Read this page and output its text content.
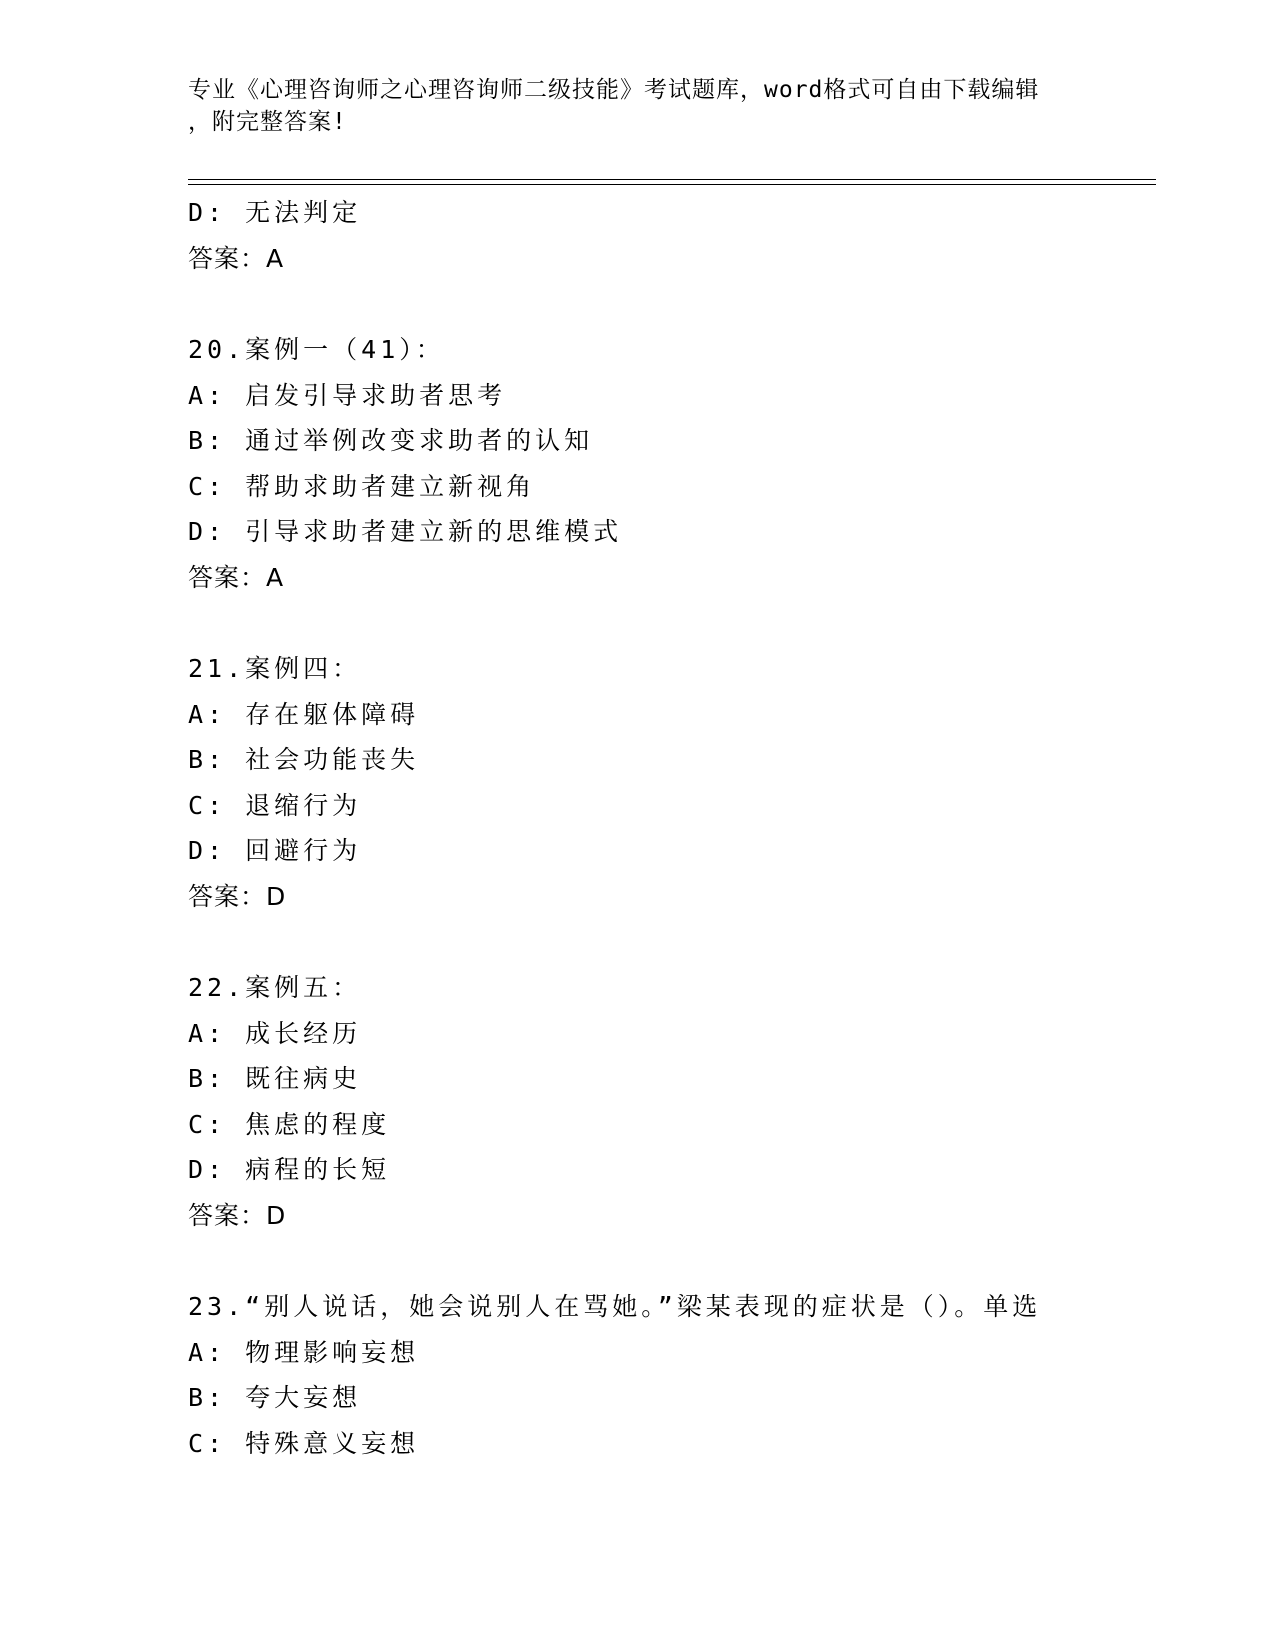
专业《心理咨询师之心理咨询师二级技能》考试题库，word格式可自由下载编辑
，附完整答案!
D: 无法判定
答案：A
20.案例一（41）：
A: 启发引导求助者思考
B: 通过举例改变求助者的认知
C: 帮助求助者建立新视角
D: 引导求助者建立新的思维模式
答案：A
21.案例四：
A: 存在躯体障碍
B: 社会功能丧失
C: 退缩行为
D: 回避行为
答案：D
22.案例五：
A: 成长经历
B: 既往病史
C: 焦虑的程度
D: 病程的长短
答案：D
23.“别人说话，她会说别人在骂她。”梁某表现的症状是（）。单选
A: 物理影响妄想
B: 夸大妄想
C: 特殊意义妄想
